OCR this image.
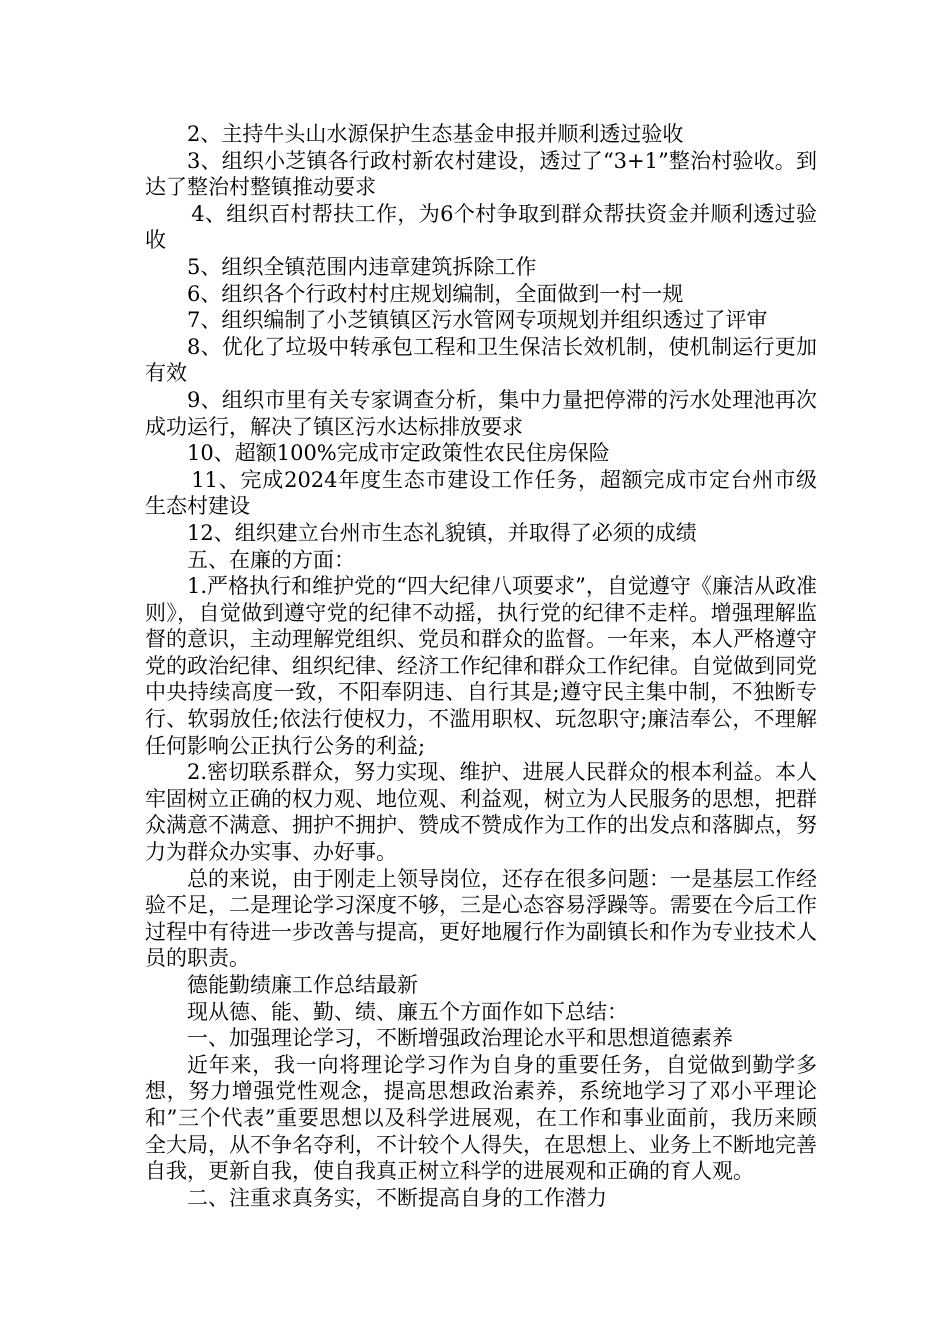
2、主持牛头山水源保护生态基金申报并顺利透过验收

3、组织小芝镇各行政村新农村建设，透过了“3+1”整治村验收。到达了整治村整镇推动要求

4、组织百村帮扶工作，为6个村争取到群众帮扶资金并顺利透过验收

5、组织全镇范围内违章建筑拆除工作

6、组织各个行政村村庄规划编制，全面做到一村一规

7、组织编制了小芝镇镇区污水管网专项规划并组织透过了评审

8、优化了垃圾中转承包工程和卫生保洁长效机制，使机制运行更加有效

9、组织市里有关专家调查分析，集中力量把停滞的污水处理池再次成功运行，解决了镇区污水达标排放要求

10、超额100%完成市定政策性农民住房保险

11、完成2024年度生态市建设工作任务，超额完成市定台州市级生态村建设

12、组织建立台州市生态礼貌镇，并取得了必须的成绩

五、在廉的方面：

1.严格执行和维护党的“四大纪律八项要求”，自觉遵守《廉洁从政准则》，自觉做到遵守党的纪律不动摇，执行党的纪律不走样。增强理解监督的意识，主动理解党组织、党员和群众的监督。一年来，本人严格遵守党的政治纪律、组织纪律、经济工作纪律和群众工作纪律。自觉做到同党中央持续高度一致，不阳奉阴违、自行其是;遵守民主集中制，不独断专行、软弱放任;依法行使权力，不滥用职权、玩忽职守;廉洁奉公，不理解任何影响公正执行公务的利益;

2.密切联系群众，努力实现、维护、进展人民群众的根本利益。本人牢固树立正确的权力观、地位观、利益观，树立为人民服务的思想，把群众满意不满意、拥护不拥护、赞成不赞成作为工作的出发点和落脚点，努力为群众办实事、办好事。

总的来说，由于刚走上领导岗位，还存在很多问题：一是基层工作经验不足，二是理论学习深度不够，三是心态容易浮躁等。需要在今后工作过程中有待进一步改善与提高，更好地履行作为副镇长和作为专业技术人员的职责。

德能勤绩廉工作总结最新

现从德、能、勤、绩、廉五个方面作如下总结：

一、加强理论学习，不断增强政治理论水平和思想道德素养

近年来，我一向将理论学习作为自身的重要任务，自觉做到勤学多想，努力增强党性观念，提高思想政治素养，系统地学习了邓小平理论和”三个代表”重要思想以及科学进展观，在工作和事业面前，我历来顾全大局，从不争名夺利，不计较个人得失，在思想上、业务上不断地完善自我，更新自我，使自我真正树立科学的进展观和正确的育人观。

二、注重求真务实，不断提高自身的工作潜力
